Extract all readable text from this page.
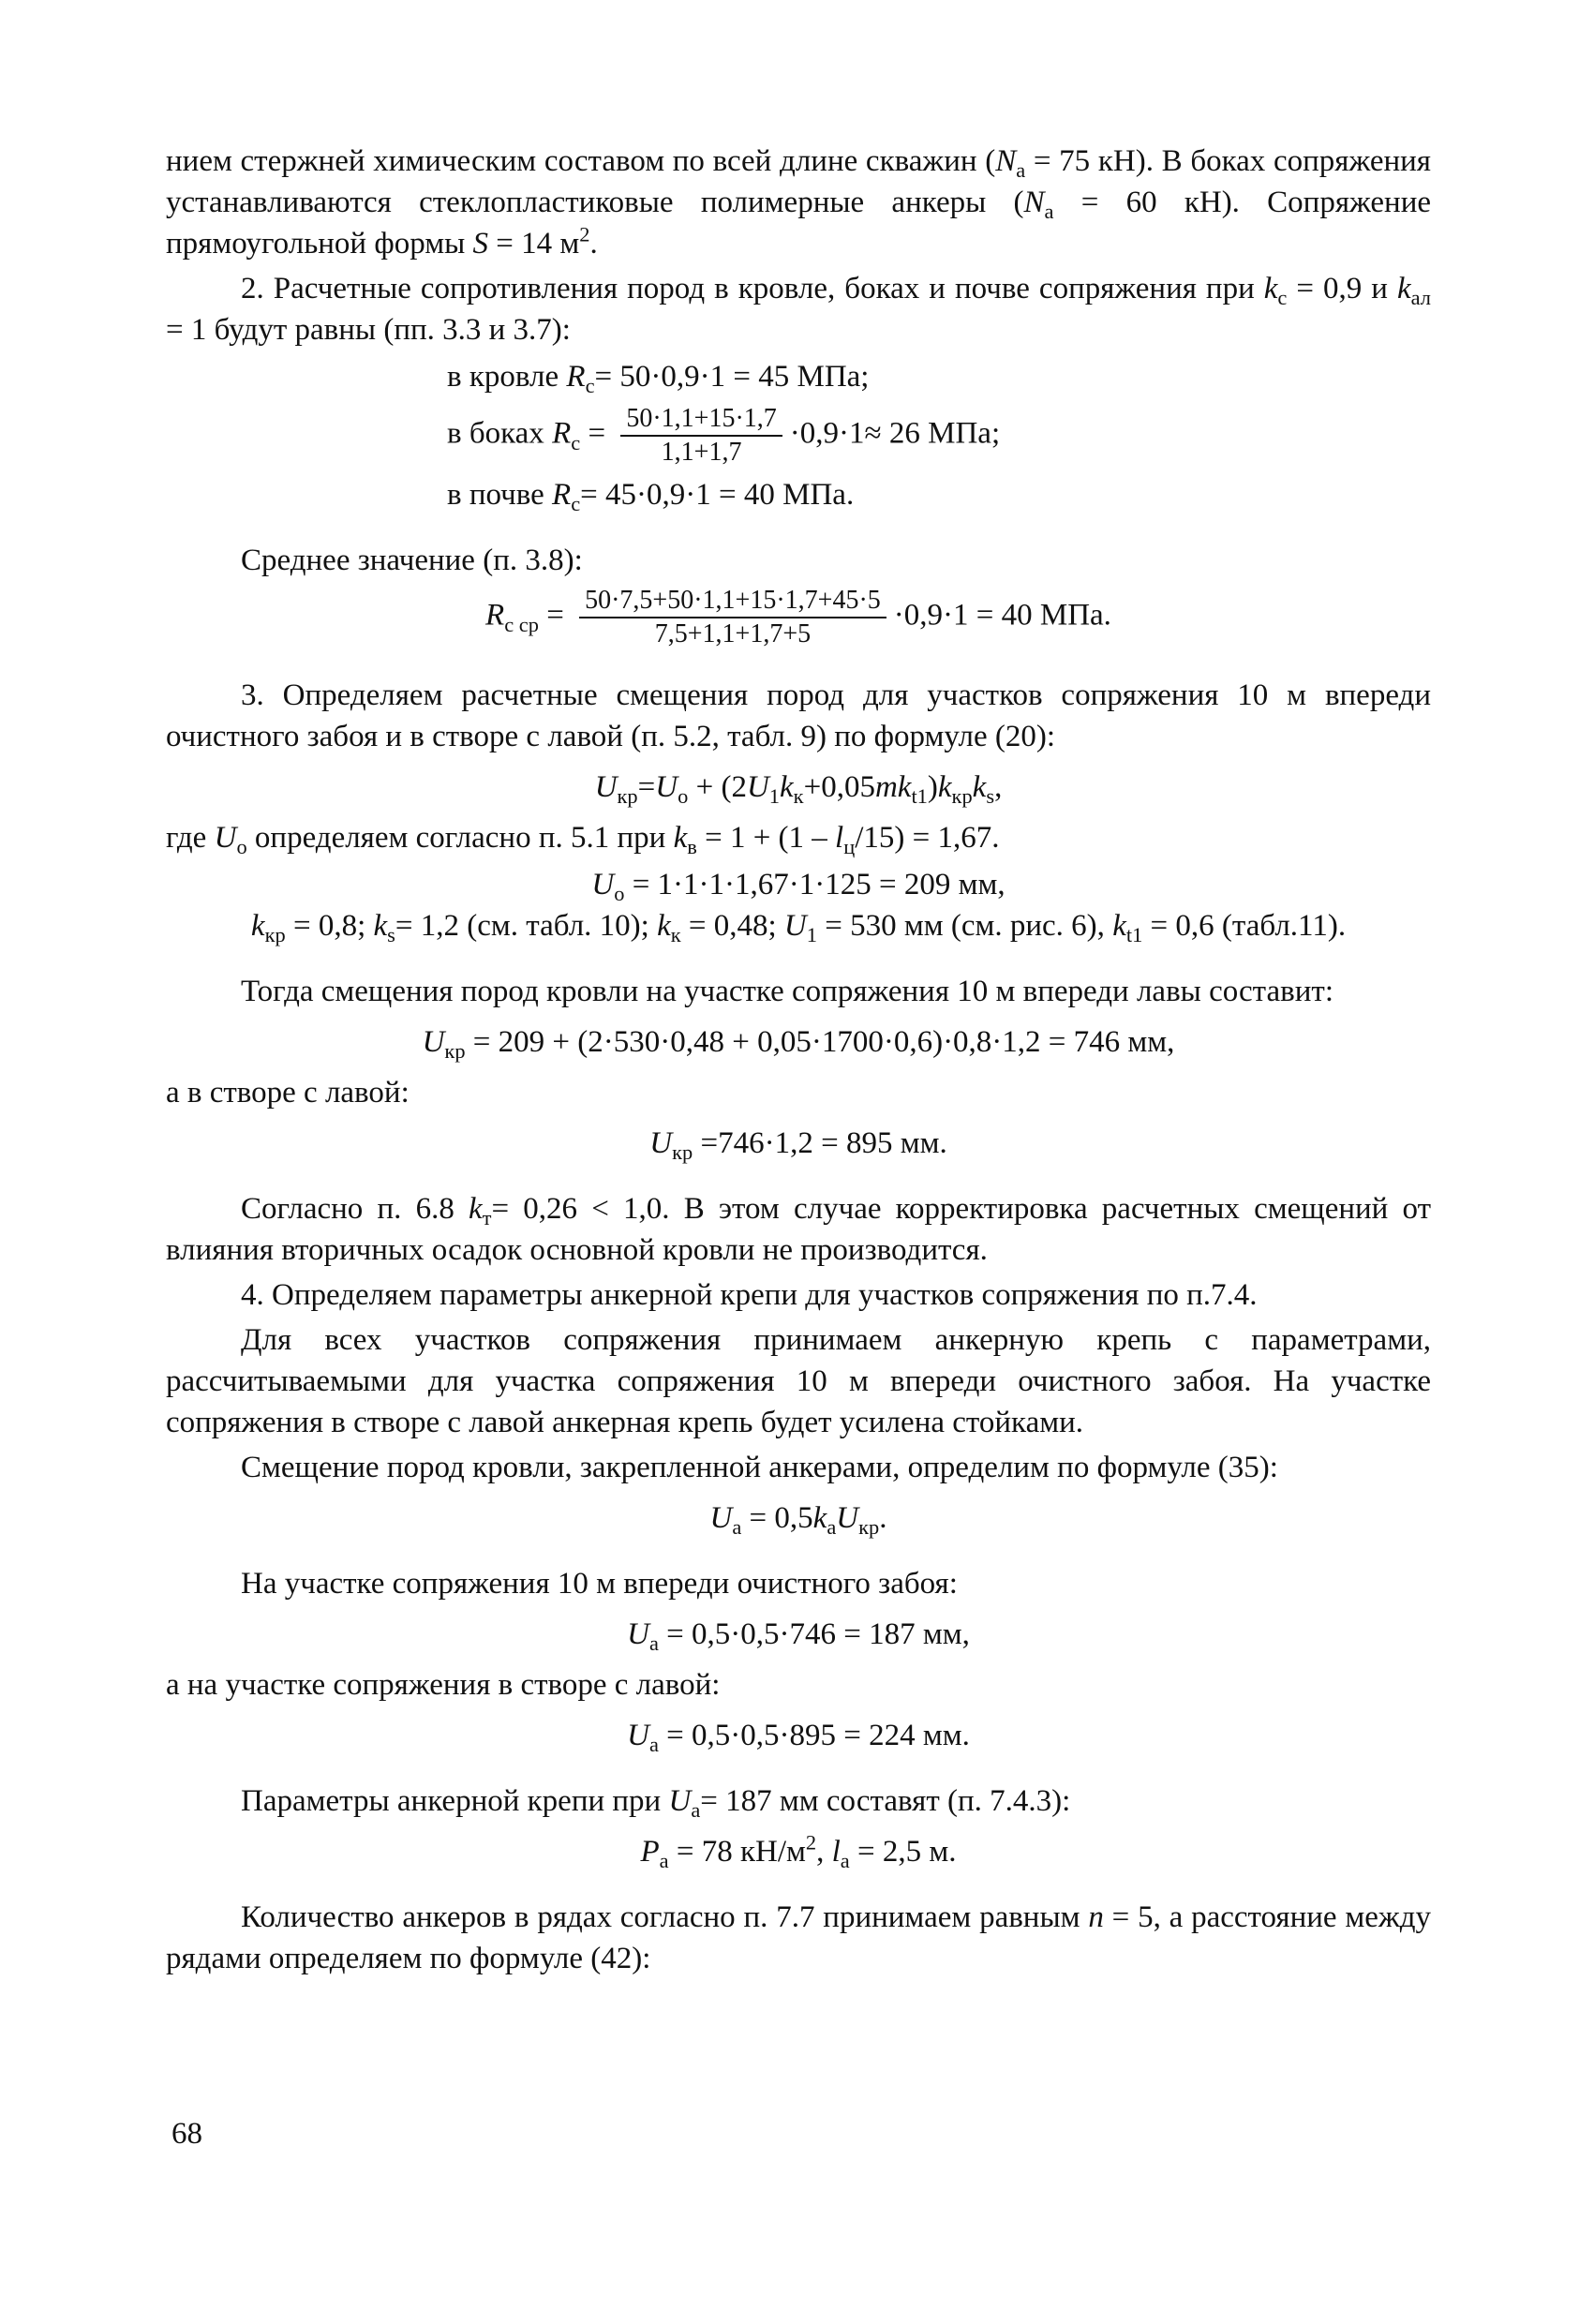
нием стержней химическим составом по всей длине скважин ($N_а = 75$ кН). В боках сопряжения устанавливаются стеклопластиковые полимерные анкеры ($N_а = 60$ кН). Сопряжение прямоугольной формы S = 14 $м^2$.

2. Расчетные сопротивления пород в кровле, боках и почве сопряжения при $k_с = 0,9$ и $k_{ал} = 1$ будут равны (пп. 3.3 и 3.7):

в кровле $R_с= 50\cdot 0,9\cdot 1 = 45$ МПа;
в боках $R_с = \frac{50\cdot 1,1+15\cdot 1,7}{1,1+1,7} \cdot 0,9\cdot 1\approx 26$ МПа;
в почве $R_с= 45\cdot 0,9\cdot 1 = 40$ МПа.

Среднее значение (п. 3.8):

$R_{с ср} = \frac{50\cdot 7,5+50\cdot 1,1+15\cdot 1,7+45\cdot 5}{7,5+1,1+1,7+5} \cdot 0,9\cdot 1 = 40$ МПа.

3. Определяем расчетные смещения пород для участков сопряжения 10 м впереди очистного забоя и в створе с лавой (п. 5.2, табл. 9) по формуле (20):

$U_{кр}=U_о + (2U_1k_к+0,05mk_{t1})k_{кр}k_s$,

где $U_о$ определяем согласно п. 5.1 при $k_в = 1 + (1 - l_ц/15) = 1,67$.

$U_о = 1\cdot 1\cdot 1\cdot 1,67\cdot 1\cdot 125 = 209$ мм,
$k_{кр} = 0,8$; $k_s= 1,2$ (см. табл. 10); $k_к = 0,48$; $U_1 = 530$ мм (см. рис. 6), $k_{t1} = 0,6$ (табл.11).

Тогда смещения пород кровли на участке сопряжения 10 м впереди лавы составит:

$U_{кр} = 209 + (2\cdot 530\cdot 0,48 + 0,05\cdot 1700\cdot 0,6)\cdot 0,8\cdot 1,2 = 746$ мм,

а в створе с лавой:

$U_{кр} =746\cdot 1,2 = 895$ мм.

Согласно п. 6.8 $k_т= 0,26 < 1,0$. В этом случае корректировка расчетных смещений от влияния вторичных осадок основной кровли не производится.

4. Определяем параметры анкерной крепи для участков сопряжения по п.7.4.

Для всех участков сопряжения принимаем анкерную крепь с параметрами, рассчитываемыми для участка сопряжения 10 м впереди очистного забоя. На участке сопряжения в створе с лавой анкерная крепь будет усилена стойками.

Смещение пород кровли, закрепленной анкерами, определим по формуле (35):

$U_а = 0,5k_аU_{кр}$.

На участке сопряжения 10 м впереди очистного забоя:

$U_а = 0,5\cdot 0,5\cdot 746 = 187$ мм,

а на участке сопряжения в створе с лавой:

$U_а = 0,5\cdot 0,5\cdot 895 = 224$ мм.

Параметры анкерной крепи при $U_а= 187$ мм составят (п. 7.4.3):

$P_а = 78$ $кН/м^2$, $l_а = 2,5$ м.

Количество анкеров в рядах согласно п. 7.7 принимаем равным n = 5, а расстояние между рядами определяем по формуле (42):

68
